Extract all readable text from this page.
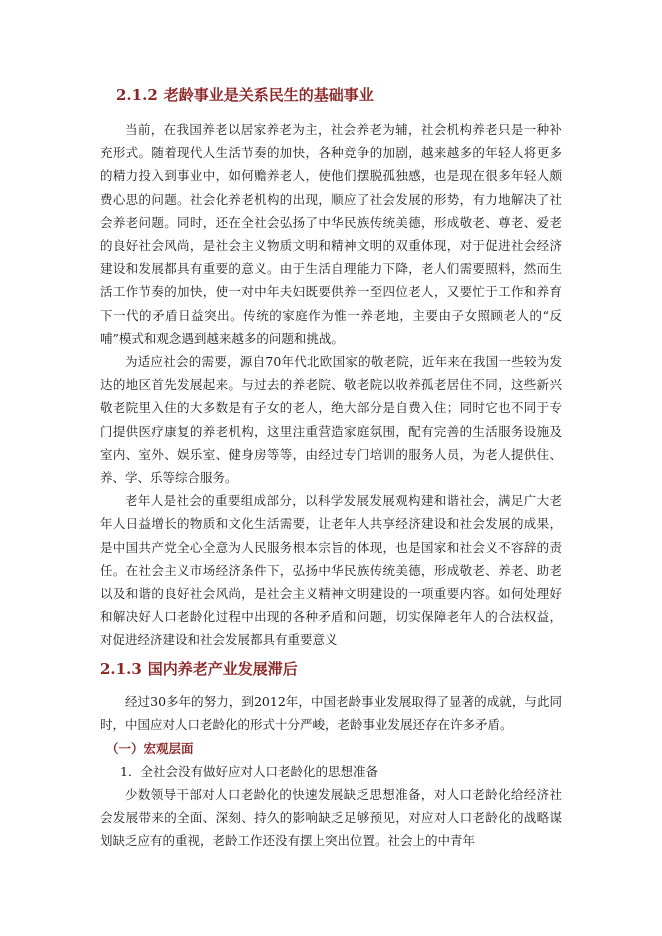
2.1.2 老龄事业是关系民生的基础事业

当前，在我国养老以居家养老为主，社会养老为辅，社会机构养老只是一种补充形式。随着现代人生活节奏的加快，各种竞争的加剧，越来越多的年轻人将更多的精力投入到事业中，如何赡养老人，使他们摆脱孤独感，也是现在很多年轻人颇费心思的问题。社会化养老机构的出现，顺应了社会发展的形势，有力地解决了社会养老问题。同时，还在全社会弘扬了中华民族传统美德，形成敬老、尊老、爱老的良好社会风尚，是社会主义物质文明和精神文明的双重体现，对于促进社会经济建设和发展都具有重要的意义。由于生活自理能力下降，老人们需要照料，然而生活工作节奏的加快，使一对中年夫妇既要供养一至四位老人，又要忙于工作和养育下一代的矛盾日益突出。传统的家庭作为惟一养老地，主要由子女照顾老人的“反哺”模式和观念遇到越来越多的问题和挑战。

为适应社会的需要，源自70年代北欧国家的敬老院，近年来在我国一些较为发达的地区首先发展起来。与过去的养老院、敬老院以收养孤老居住不同，这些新兴敬老院里入住的大多数是有子女的老人，绝大部分是自费入住；同时它也不同于专门提供医疗康复的养老机构，这里注重营造家庭氛围，配有完善的生活服务设施及室内、室外、娱乐室、健身房等等，由经过专门培训的服务人员，为老人提供住、养、学、乐等综合服务。

老年人是社会的重要组成部分，以科学发展发展观构建和谐社会，满足广大老年人日益增长的物质和文化生活需要，让老年人共享经济建设和社会发展的成果，是中国共产党全心全意为人民服务根本宗旨的体现，也是国家和社会义不容辞的责任。在社会主义市场经济条件下，弘扬中华民族传统美德，形成敬老、养老、助老以及和谐的良好社会风尚，是社会主义精神文明建设的一项重要内容。如何处理好和解决好人口老龄化过程中出现的各种矛盾和问题，切实保障老年人的合法权益，对促进经济建设和社会发展都具有重要意义

2.1.3 国内养老产业发展滞后

经过30多年的努力，到2012年，中国老龄事业发展取得了显著的成就，与此同时，中国应对人口老龄化的形式十分严峻，老龄事业发展还存在许多矛盾。

（一）宏观层面

1．全社会没有做好应对人口老龄化的思想准备

少数领导干部对人口老龄化的快速发展缺乏思想准备，对人口老龄化给经济社会发展带来的全面、深刻、持久的影响缺乏足够预见，对应对人口老龄化的战略谋划缺乏应有的重视，老龄工作还没有摆上突出位置。社会上的中青年
